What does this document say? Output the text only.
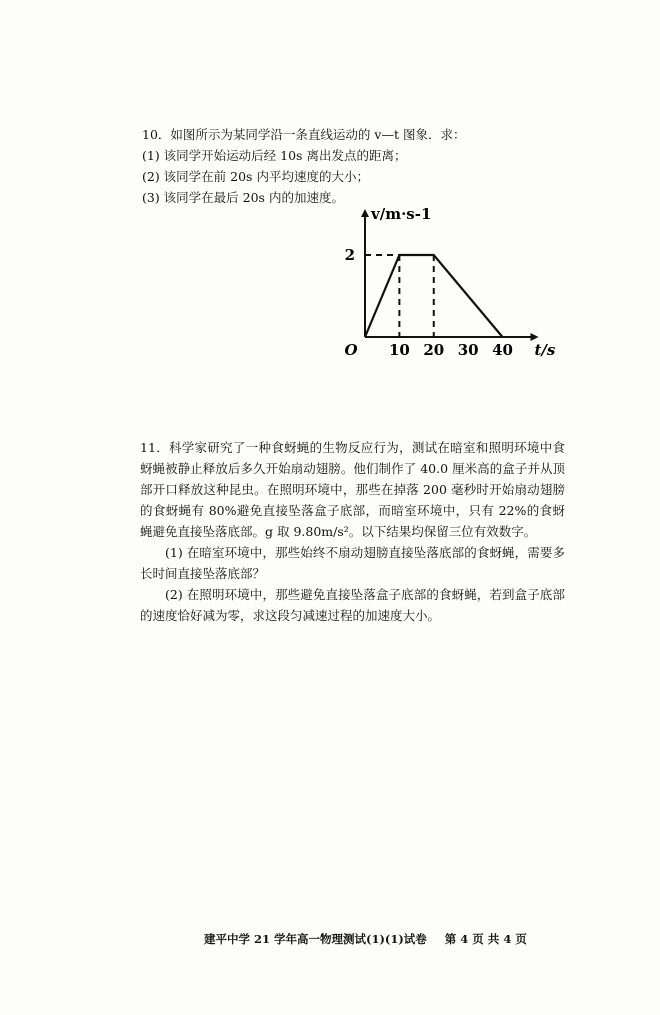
10．如图所示为某同学沿一条直线运动的 v—t 图象．求：
(1) 该同学开始运动后经 10s 离出发点的距离；
(2) 该同学在前 20s 内平均速度的大小；
(3) 该同学在最后 20s 内的加速度。
O 10 20 30 40
2
t/s
v/m·s-1

11．科学家研究了一种食蚜蝇的生物反应行为，测试在暗室和照明环境中食蚜蝇被静止释放后多久开始扇动翅膀。他们制作了 40.0 厘米高的盒子并从顶部开口释放这种昆虫。在照明环境中，那些在掉落 200 毫秒时开始扇动翅膀的食蚜蝇有 80%避免直接坠落盒子底部，而暗室环境中，只有 22%的食蚜蝇避免直接坠落底部。g 取 9.80m/s²。以下结果均保留三位有效数字。

(1) 在暗室环境中，那些始终不扇动翅膀直接坠落底部的食蚜蝇，需要多长时间直接坠落底部？

(2) 在照明环境中，那些避免直接坠落盒子底部的食蚜蝇，若到盒子底部的速度恰好减为零，求这段匀减速过程的加速度大小。

建平中学 21 学年高一物理测试(1)(1)试卷 第 4 页 共 4 页
